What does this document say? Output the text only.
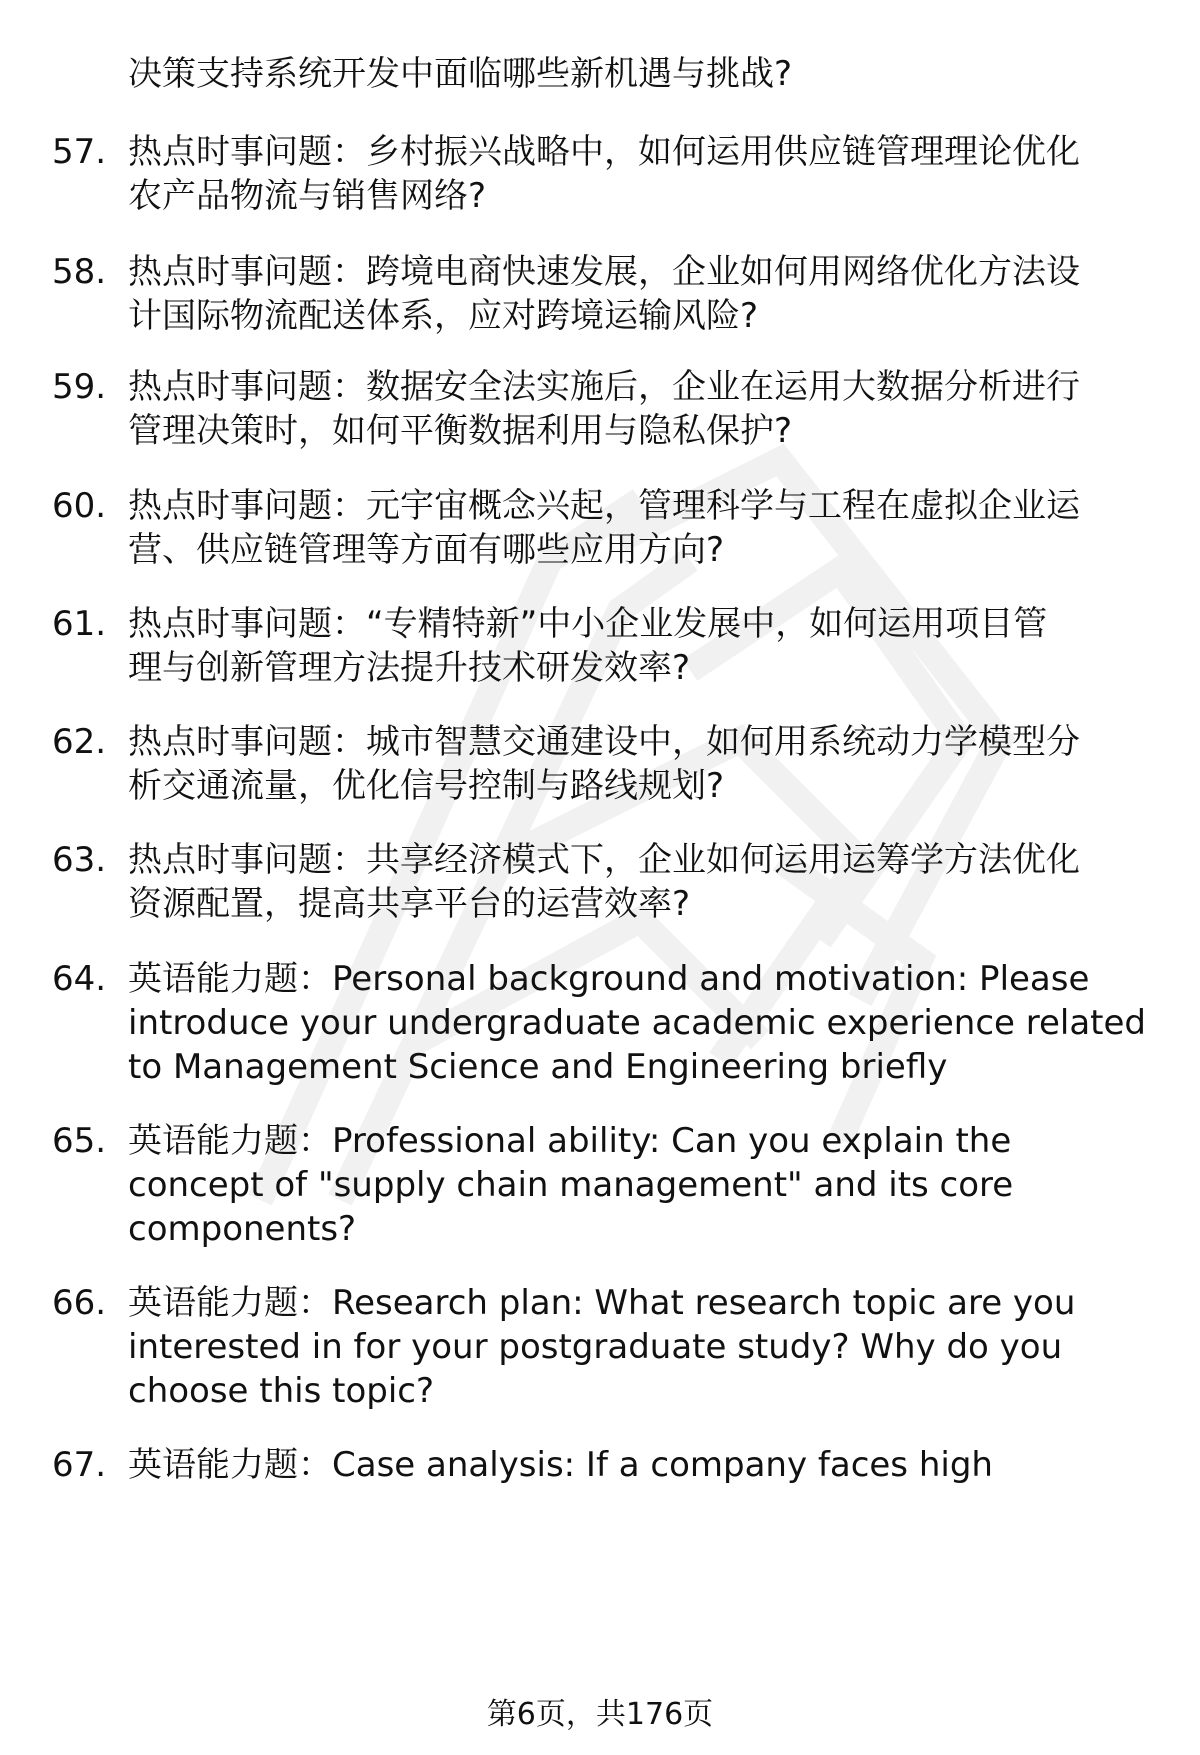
决策支持系统开发中面临哪些新机遇与挑战?
57. 热点时事问题：乡村振兴战略中，如何运用供应链管理理论优化
农产品物流与销售网络?
58. 热点时事问题：跨境电商快速发展，企业如何用网络优化方法设
计国际物流配送体系，应对跨境运输风险?
59. 热点时事问题：数据安全法实施后，企业在运用大数据分析进行
管理决策时，如何平衡数据利用与隐私保护?
60. 热点时事问题：元宇宙概念兴起，管理科学与工程在虚拟企业运
营、供应链管理等方面有哪些应用方向?
61. 热点时事问题：“专精特新”中小企业发展中，如何运用项目管
理与创新管理方法提升技术研发效率?
62. 热点时事问题：城市智慧交通建设中，如何用系统动力学模型分
析交通流量，优化信号控制与路线规划?
63. 热点时事问题：共享经济模式下，企业如何运用运筹学方法优化
资源配置，提高共享平台的运营效率?
64. 英语能力题：Personal background and motivation: Please
introduce your undergraduate academic experience related
to Management Science and Engineering briefly
65. 英语能力题：Professional ability: Can you explain the
concept of "supply chain management" and its core
components?
66. 英语能力题：Research plan: What research topic are you
interested in for your postgraduate study? Why do you
choose this topic?
67. 英语能力题：Case analysis: If a company faces high
第6页，共176页
